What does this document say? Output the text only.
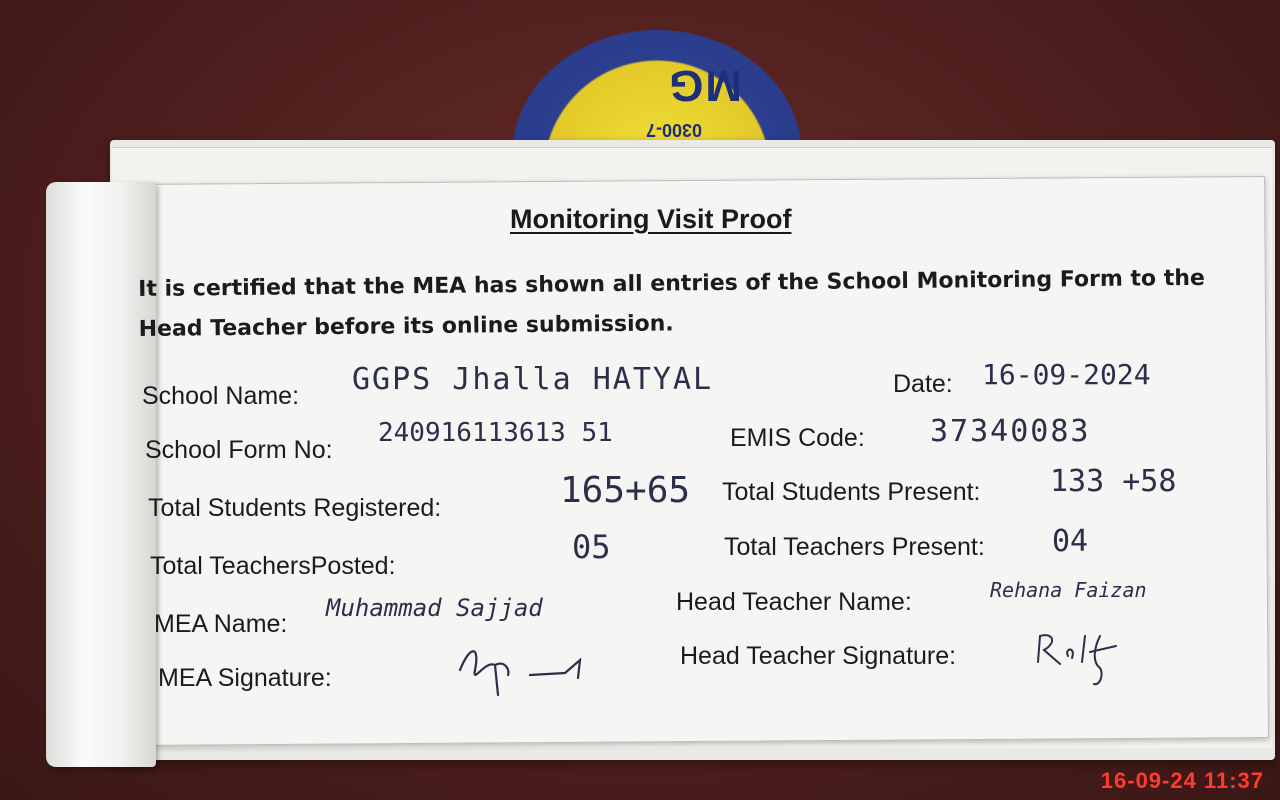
0300-7
MG
Monitoring Visit Proof
It is certified that the MEA has shown all entries of the School Monitoring Form to the Head Teacher before its online submission.
School Name: GGPS Jhalla HATYAL	Date: 16-09-2024
School Form No:
240916113613 51	EMIS Code: 37340083
Total Students Registered:	165+65 Total Students Present: 133 +58
Total TeachersPosted:	05	Total Teachers Present: 04
MEA Name:
Muhammad Sajjad	Head Teacher Name:	Rehana Faizan
MEA Signature:
Head Teacher Signature:
16-09-24 11:37
